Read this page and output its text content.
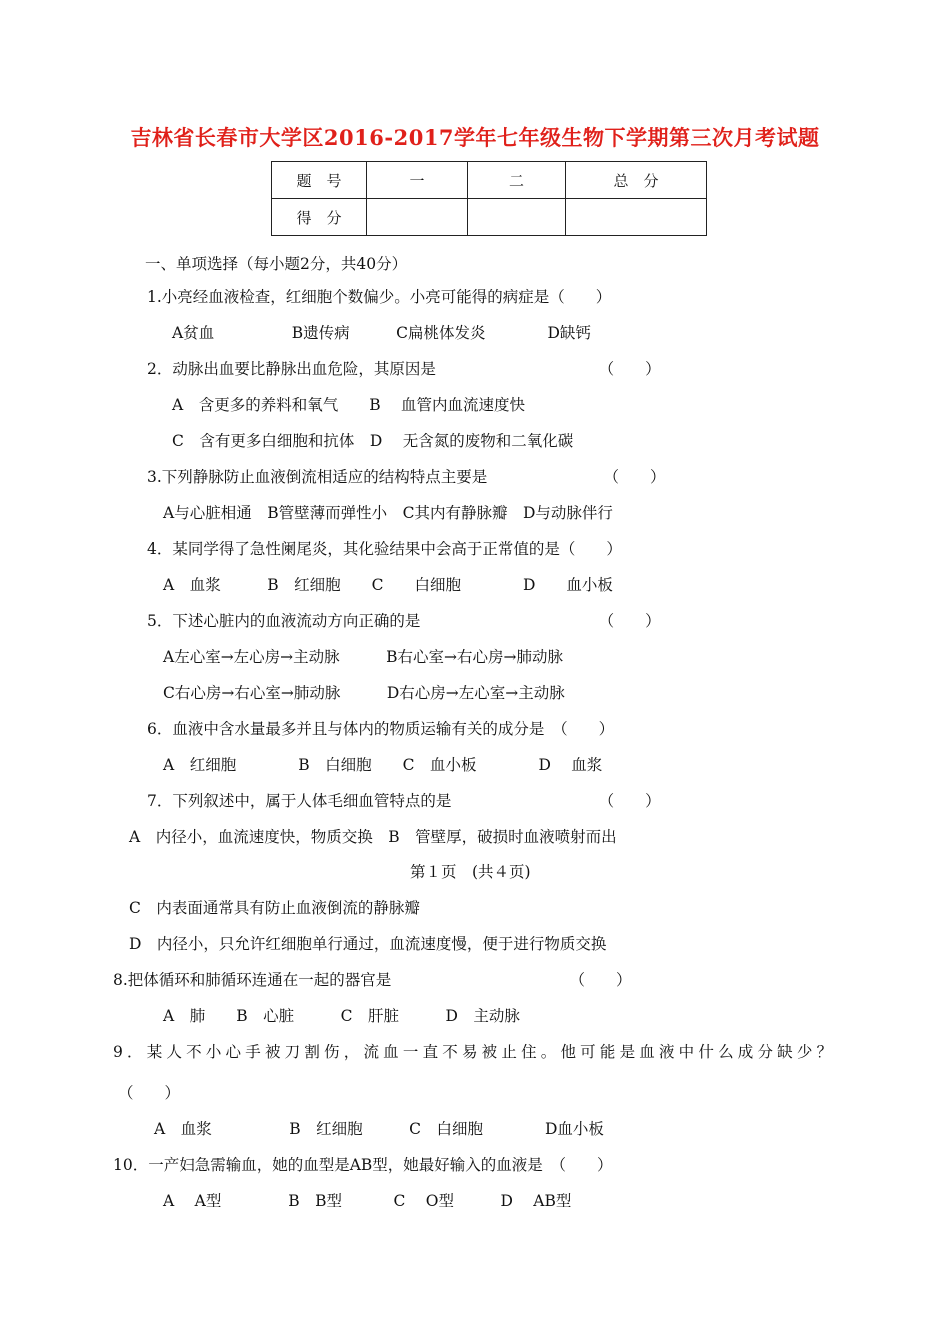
吉林省长春市大学区2016-2017学年七年级生物下学期第三次月考试题
题　号	一	二	总　分
得　分			
一、单项选择（每小题2分，共40分）
1.小亮经血液检查，红细胞个数偏少。小亮可能得的病症是（　　）
A贫血　　　　　B遗传病　　　C扁桃体发炎　　　　D缺钙
2．动脉出血要比静脉出血危险，其原因是　　　　　　　　　　　（　　）
A　含更多的养料和氧气　　B　 血管内血流速度快
C　含有更多白细胞和抗体　D　 无含氮的废物和二氧化碳
3.下列静脉防止血液倒流相适应的结构特点主要是　　　　　　　　（　　）
A与心脏相通　B管壁薄而弹性小　C其内有静脉瓣　D与动脉伴行
4．某同学得了急性阑尾炎，其化验结果中会高于正常值的是（　　）
A　血浆　　　B　红细胞　　C　　白细胞　　　　D　　血小板
5．下述心脏内的血液流动方向正确的是　　　　　　　　　　　　（　　）
A左心室→左心房→主动脉　　　B右心室→右心房→肺动脉
C右心房→右心室→肺动脉　　　D右心房→左心室→主动脉
6．血液中含水量最多并且与体内的物质运输有关的成分是　（　　）
A　红细胞　　　　B　白细胞　　C　血小板　　　　D　 血浆
7．下列叙述中，属于人体毛细血管特点的是　　　　　　　　　　（　　）
A　内径小，血流速度快，物质交换　B　管壁厚，破损时血液喷射而出
第１页　(共４页)
C　内表面通常具有防止血液倒流的静脉瓣
D　内径小，只允许红细胞单行通过，血流速度慢，便于进行物质交换
8.把体循环和肺循环连通在一起的器官是　　　　　　　　　　　　（　　）
A　肺　　B　心脏　　　C　肝脏　　　D　主动脉
9．某人不小心手被刀割伤，流血一直不易被止住。他可能是血液中什么成分缺少？
（　　）
A　血浆　　　　　B　红细胞　　　C　白细胞　　　　D血小板
10．一产妇急需输血，她的血型是AB型，她最好输入的血液是　（　　）
A　 A型　　　　 B　B型　　　 C　 O型　　　D　 AB型
